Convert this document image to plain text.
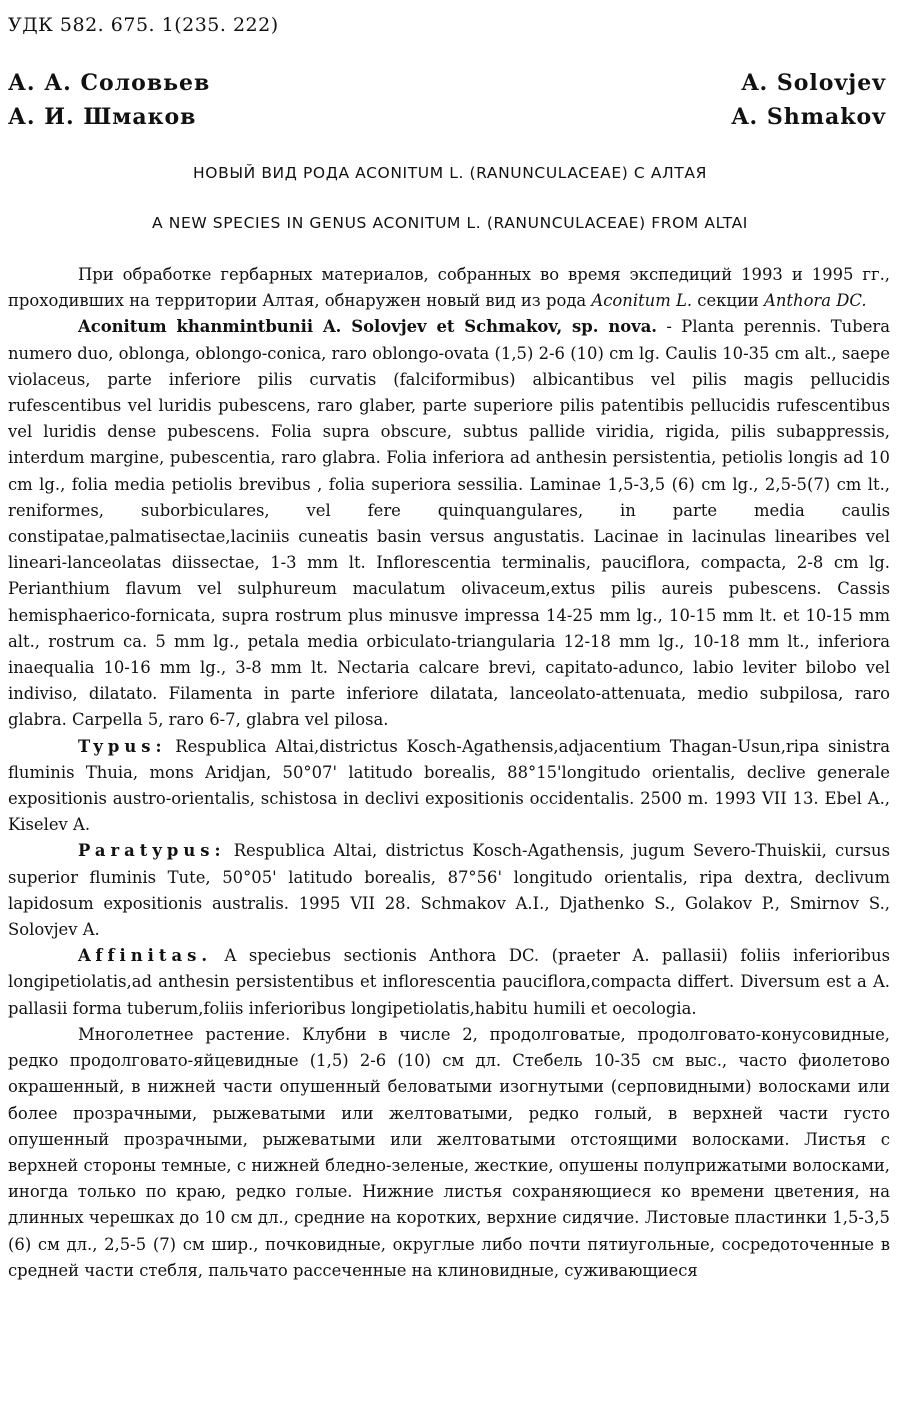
УДК 582. 675. 1(235. 222)
А. А. Соловьев	A. Solovjev
А. И. Шмаков	A. Shmakov
НОВЫЙ ВИД РОДА ACONITUM L. (RANUNCULACEAE) С АЛТАЯ
A NEW SPECIES IN GENUS ACONITUM L. (RANUNCULACEAE) FROM ALTAI

При обработке гербарных материалов, собранных во время экспедиций 1993 и 1995 гг., проходивших на территории Алтая, обнаружен новый вид из рода Aconitum L. секции Anthora DC.

Aconitum khanmintbunii A. Solovjev et Schmakov, sp. nova. - Planta perennis. Tubera numero duo, oblonga, oblongo-conica, raro oblongo-ovata (1,5) 2-6 (10) cm lg. Caulis 10-35 cm alt., saepe violaceus, parte inferiore pilis curvatis (falciformibus) albicantibus vel pilis magis pellucidis rufescentibus vel luridis pubescens, raro glaber, parte superiore pilis patentibis pellucidis rufescentibus vel luridis dense pubescens. Folia supra obscure, subtus pallide viridia, rigida, pilis subappressis, interdum margine, pubescentia, raro glabra. Folia inferiora ad anthesin persistentia, petiolis longis ad 10 cm lg., folia media petiolis brevibus , folia superiora sessilia. Laminae 1,5-3,5 (6) cm lg., 2,5-5(7) cm lt., reniformes, suborbiculares, vel fere quinquangulares, in parte media caulis constipatae,palmatisectae,laciniis cuneatis basin versus angustatis. Lacinae in lacinulas linearibes vel lineari-lanceolatas diissectae, 1-3 mm lt. Inflorescentia terminalis, pauciflora, compacta, 2-8 cm lg. Perianthium flavum vel sulphureum maculatum olivaceum,extus pilis aureis pubescens. Cassis hemisphaerico-fornicata, supra rostrum plus minusve impressa 14-25 mm lg., 10-15 mm lt. et 10-15 mm alt., rostrum ca. 5 mm lg., petala media orbiculato-triangularia 12-18 mm lg., 10-18 mm lt., inferiora inaequalia 10-16 mm lg., 3-8 mm lt. Nectaria calcare brevi, capitato-adunco, labio leviter bilobo vel indiviso, dilatato. Filamenta in parte inferiore dilatata, lanceolato-attenuata, medio subpilosa, raro glabra. Carpella 5, raro 6-7, glabra vel pilosa.

Typus: Respublica Altai,districtus Kosch-Agathensis,adjacentium Thagan-Usun,ripa sinistra fluminis Thuia, mons Aridjan, 50°07' latitudo borealis, 88°15'longitudo orientalis, declive generale expositionis austro-orientalis, schistosa in declivi expositionis occidentalis. 2500 m. 1993 VII 13. Ebel A., Kiselev A.

Paratypus: Respublica Altai, districtus Kosch-Agathensis, jugum Severo-Thuiskii, cursus superior fluminis Tute, 50°05' latitudo borealis, 87°56' longitudo orientalis, ripa dextra, declivum lapidosum expositionis australis. 1995 VII 28. Schmakov A.I., Djathenko S., Golakov P., Smirnov S., Solovjev A.

Affinitas. A speciebus sectionis Anthora DC. (praeter A. pallasii) foliis inferioribus longipetiolatis,ad anthesin persistentibus et inflorescentia pauciflora,compacta differt. Diversum est a A. pallasii forma tuberum,foliis inferioribus longipetiolatis,habitu humili et oecologia.

Многолетнее растение. Клубни в числе 2, продолговатые, продолговато-конусовидные, редко продолговато-яйцевидные (1,5) 2-6 (10) см дл. Стебель 10-35 см выс., часто фиолетово окрашенный, в нижней части опушенный беловатыми изогнутыми (серповидными) волосками или более прозрачными, рыжеватыми или желтоватыми, редко голый, в верхней части густо опушенный прозрачными, рыжеватыми или желтоватыми отстоящими волосками. Листья с верхней стороны темные, с нижней бледно-зеленые, жесткие, опушены полуприжатыми волосками, иногда только по краю, редко голые. Нижние листья сохраняющиеся ко времени цветения, на длинных черешках до 10 см дл., средние на коротких, верхние сидячие. Листовые пластинки 1,5-3,5 (6) см дл., 2,5-5 (7) см шир., почковидные, округлые либо почти пятиугольные, сосредоточенные в средней части стебля, пальчато рассеченные на клиновидные, суживающиеся
